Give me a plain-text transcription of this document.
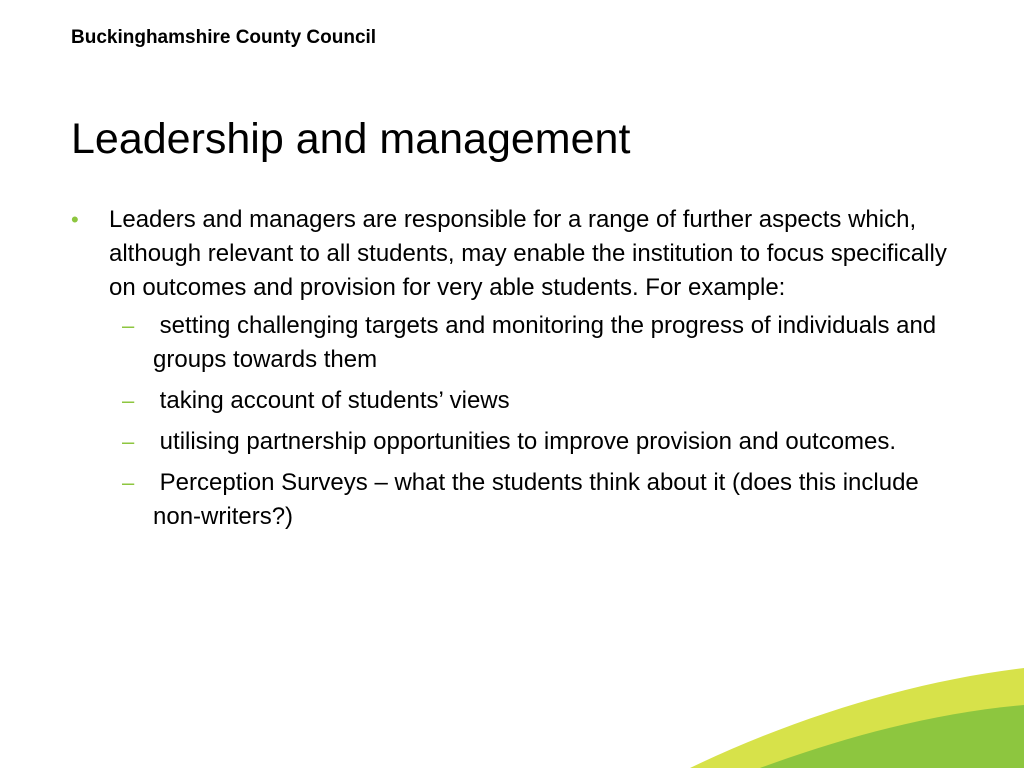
Buckinghamshire County Council
Leadership and management
• Leaders and managers are responsible for a range of further aspects which, although relevant to all students, may enable the institution to focus specifically on outcomes and provision for very able students. For example:
– setting challenging targets and monitoring the progress of individuals and groups towards them
– taking account of students’ views
– utilising partnership opportunities to improve provision and outcomes.
– Perception Surveys – what the students think about it (does this include non-writers?)
